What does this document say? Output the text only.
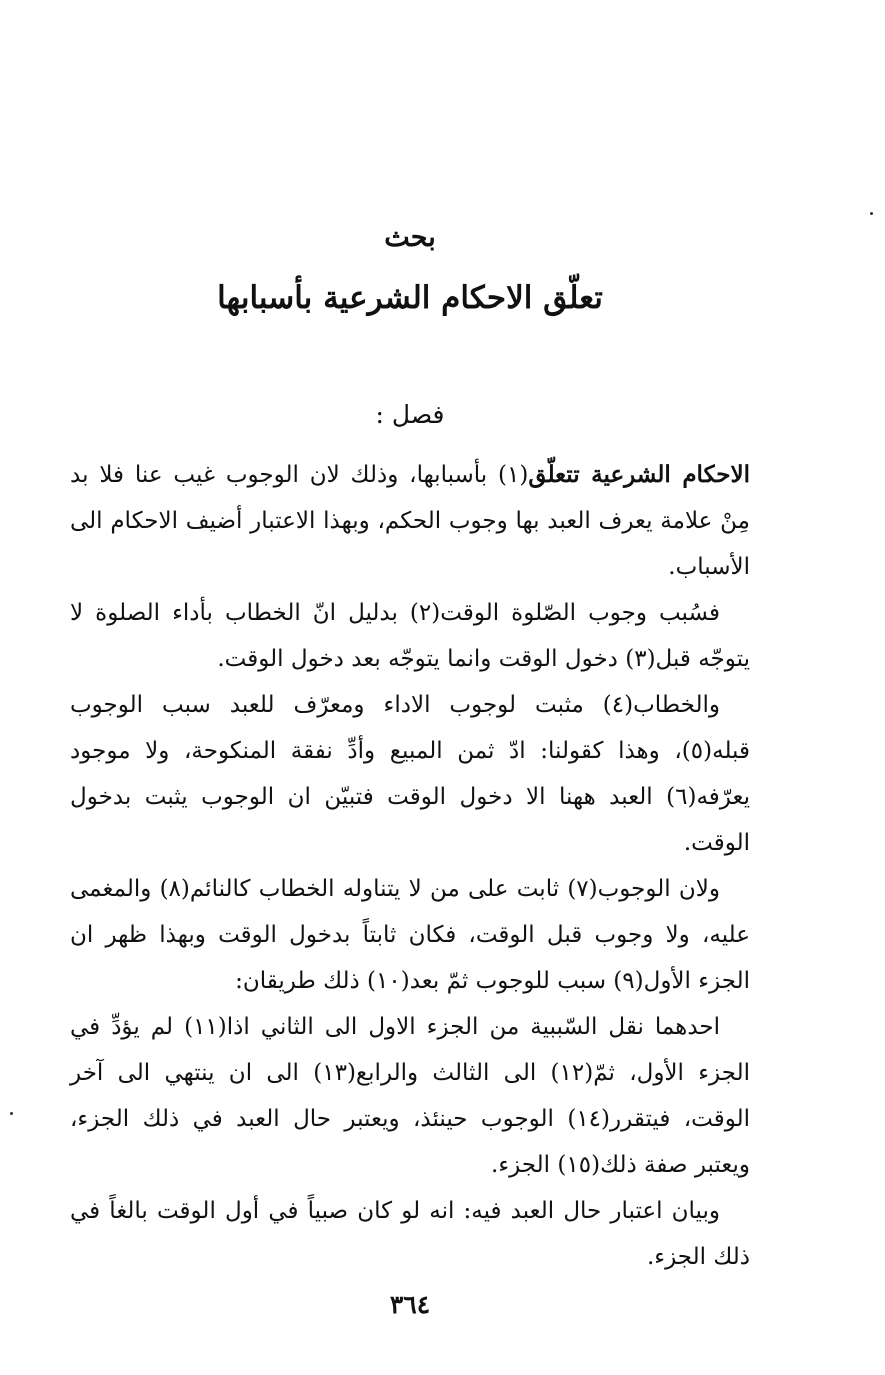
بحث
تعلّق الاحكام الشرعية بأسبابها
فصل :

الاحكام الشرعية تتعلّق(١) بأسبابها، وذلك لان الوجوب غيب عنا فلا بد مِنْ علامة يعرف العبد بها وجوب الحكم، وبهذا الاعتبار أضيف الاحكام الى الأسباب.

فسُبب وجوب الصّلوة الوقت(٢) بدليل انّ الخطاب بأداء الصلوة لا يتوجّه قبل(٣) دخول الوقت وانما يتوجّه بعد دخول الوقت.

والخطاب(٤) مثبت لوجوب الاداء ومعرّف للعبد سبب الوجوب قبله(٥)، وهذا كقولنا: ادّ ثمن المبيع وأدِّ نفقة المنكوحة، ولا موجود يعرّفه(٦) العبد ههنا الا دخول الوقت فتبيّن ان الوجوب يثبت بدخول الوقت.

ولان الوجوب(٧) ثابت على من لا يتناوله الخطاب كالنائم(٨) والمغمى عليه، ولا وجوب قبل الوقت، فكان ثابتاً بدخول الوقت وبهذا ظهر ان الجزء الأول(٩) سبب للوجوب ثمّ بعد(١٠) ذلك طريقان:

احدهما نقل السّببية من الجزء الاول الى الثاني اذا(١١) لم يؤدِّ في الجزء الأول، ثمّ(١٢) الى الثالث والرابع(١٣) الى ان ينتهي الى آخر الوقت، فيتقرر(١٤) الوجوب حينئذ، ويعتبر حال العبد في ذلك الجزء، ويعتبر صفة ذلك(١٥) الجزء.

وبيان اعتبار حال العبد فيه: انه لو كان صبياً في أول الوقت بالغاً في ذلك الجزء.

٣٦٤
